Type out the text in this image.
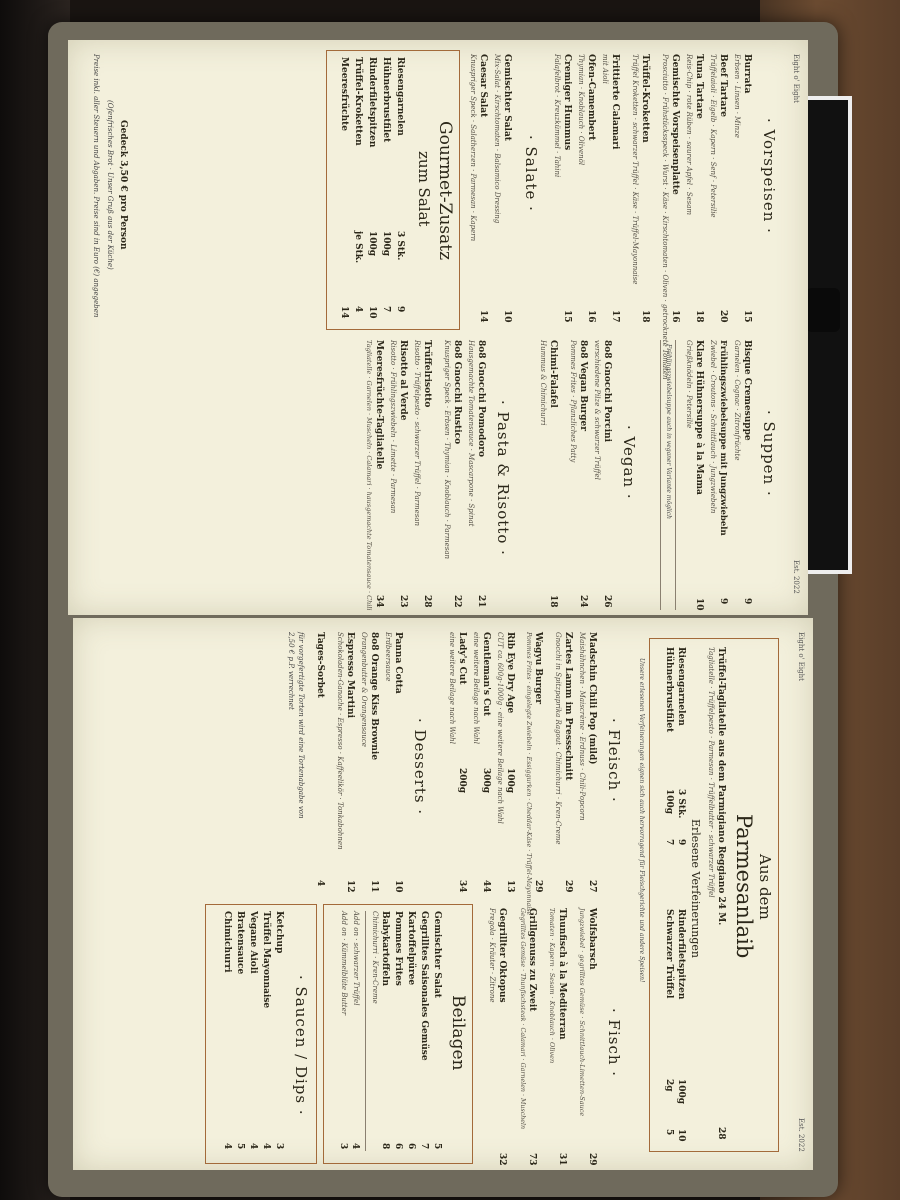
Eight o' Eight
Est. 2022
· Vorspeisen ·
Burrata
15
Erbsen · Linsen · Minze
Beef Tartare
20
Trüffelaioli · Eigelb · Kapern · Senf · Petersilie
Tuna Tartare
18
Reis-Chip · rote Rüben · saurer Apfel · Sesam
Gemischte Vorspeisenplatte
16
Prosciutto · Frühstücksspeck · Wurst · Käse · Kirschtomaten · Oliven · getrocknete Tomaten
Trüffel-Kroketten
18
Trüffel Kroketten · schwarzer Trüffel · Käse · Trüffel-Mayonnaise
Frittierte Calamari
17
mit Aioli
Ofen-Camembert
16
Thymian · Knoblauch · Olivenöl
Cremiger Hummus
15
Falafelbrot · Kreuzkümmel · Tahini
· Salate ·
Gemischter Salat
10
Mix-Salat · Kirschtomaten · Balsamico Dressing
Caesar Salat
14
Knuspriger Speck · Salatherzen · Parmesan · Kapern
Gourmet-Zusatz
zum Salat
Riesengarnelen
3 Stk.
9
Hühnerbrustfilet
100g
7
Rinderfiletspitzen
100g
10
Trüffel-Kroketten
je Stk.
4
Meeresfrüchte
14
· Suppen ·
Bisque Cremesuppe
9
Garnelen · Cognac · Zitronfrüchte
Frühlingszwiebelsuppe mit Jungzwiebeln
9
Zwiebel · Croutons · Schnittlauch · Jungzwiebeln
Klare Hühnersuppe à la Mama
10
Grießknödeln · Petersilie
Frühlingszwiebelsuppe auch in veganer Variante möglich
· Vegan ·
8o8 Gnocchi Porcini
26
verschiedene Pilze & schwarzer Trüffel
8o8 Vegan Burger
24
Pommes Frites · Pflanzliches Patty
Chimi-Falafel
18
Hummus & Chimichurri
· Pasta & Risotto ·
8o8 Gnocchi Pomodoro
21
Hausgemachte Tomatensauce · Mascarpone · Spinat
8o8 Gnocchi Rustico
22
Knuspriger Speck · Erbsen · Thymian · Knoblauch · Parmesan
Trüffelrisotto
28
Risotto · Trüffelpesto · schwarzer Trüffel · Parmesan
Risotto al Verde
23
Risotto · Frühlingszwiebeln · Limette · Parmesan
Meeresfrüchte-Tagliatelle
34
Tagliatelle · Garnelen · Muscheln · Calamari · hausgemachte Tomatensauce · Chili
Gedeck 3,50 € pro Person
(Ofenfrisches Brot · Unser Gruß aus der Küche)
Preise inkl. aller Steuern und Abgaben. Preise sind in Euro (€) angegeben
Eight o' Eight
Est. 2022
Aus dem
Parmesanlaib
Trüffel-Tagliatelle aus dem Parmigiano Reggiano 24 M.
28
Tagliatelle · Trüffelpesto · Parmesan · Trüffelbutter · schwarzer Trüffel
Erlesene Verfeinerungen
Riesengarnelen
3 Stk.
9
Hühnerbrustfilet
100g
7
Rinderfiletspitzen
100g
10
Schwarzer Trüffel
2g
5
Unsere erlesenen Verfeinerungen eignen sich auch hervorragend für Fleischgerichte und andere Speisen!
· Fleisch ·
Madschin Chili Pop (mild)
27
Maishähnchen · Maiscrème · Erdnuss · Chili-Popcorn
Zartes Lamm im Pressschnitt
29
Gnocchi in Spitzpaprika Ragout · Chimichurri · Kren-Creme
Wagyu Burger
29
Pommes Frites · eingelegte Zwiebeln · Essiggurken · Cheddar-Käse · Trüffel-Mayonnaise
Rib Eye Dry Age
100g
13
CUT ca. 600g-1000g · eine weitere Beilage nach Wahl
Gentleman's Cut
300g
44
eine weitere Beilage nach Wahl
Lady's Cut
200g
34
eine weitere Beilage nach Wahl
· Desserts ·
Panna Cotta
10
Erdbeersauce
8o8 Orange Kiss Brownie
11
Orangenbutter & Orangensauce
Espresso Martini
12
Schokoladen-Ganache · Espresso · Kaffeelikör · Tonkabohnen
Tages-Sorbet
4
für vorgefertigte Torten wird eine Tortenabgabe von
2,50 € p.P. verrechnet
· Fisch ·
Wolfsbarsch
29
Jungzwiebel · gegrilltes Gemüse · Schnittlauch-Limetten-Sauce
Thunfisch à la Mediterran
31
Tomaten · Kapern · Sesam · Knoblauch · Oliven
Grillgenuss zu Zweit
73
Gegrilltes Gemüse · Thunfischsteak · Calamari · Garnelen · Muscheln
Gegrillter Oktopus
32
Fregola · Kräuter · Zitrone
Beilagen
Gemischter Salat
5
Gegrilltes Saisonales Gemüse
7
Kartoffelpüree
6
Pommes Frites
6
Babykartoffeln
8
Chimichurri · Kren-Creme
Add on · schwarzer Trüffel
4
Add on · Kümmelblüte Butter
3
· Saucen / Dips ·
Ketchup
3
Trüffel Mayonnaise
4
Vegane Aioli
4
Bratensauce
5
Chimichurri
4
